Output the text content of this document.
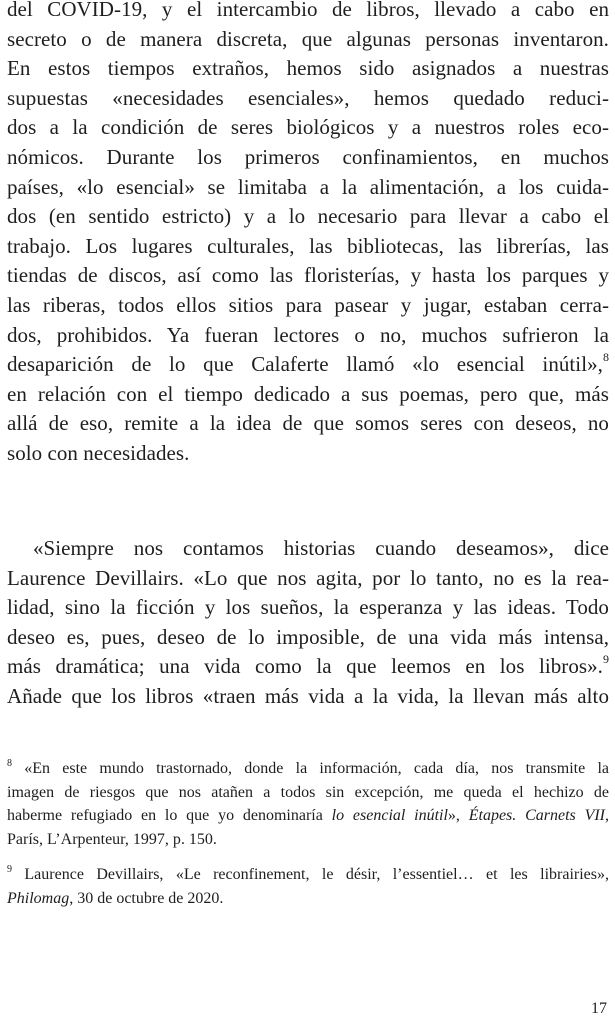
del COVID-19, y el intercambio de libros, llevado a cabo en
secreto o de manera discreta, que algunas personas inventaron.
En estos tiempos extraños, hemos sido asignados a nuestras
supuestas «necesidades esenciales», hemos quedado reduci-
dos a la condición de seres biológicos y a nuestros roles eco-
nómicos. Durante los primeros confinamientos, en muchos
países, «lo esencial» se limitaba a la alimentación, a los cuida-
dos (en sentido estricto) y a lo necesario para llevar a cabo el
trabajo. Los lugares culturales, las bibliotecas, las librerías, las
tiendas de discos, así como las floristerías, y hasta los parques y
las riberas, todos ellos sitios para pasear y jugar, estaban cerra-
dos, prohibidos. Ya fueran lectores o no, muchos sufrieron la
desaparición de lo que Calaferte llamó «lo esencial inútil»,$^8$
en relación con el tiempo dedicado a sus poemas, pero que, más
allá de eso, remite a la idea de que somos seres con deseos, no
solo con necesidades.
«Siempre nos contamos historias cuando deseamos», dice
Laurence Devillairs. «Lo que nos agita, por lo tanto, no es la rea-
lidad, sino la ficción y los sueños, la esperanza y las ideas. Todo
deseo es, pues, deseo de lo imposible, de una vida más intensa,
más dramática; una vida como la que leemos en los libros».$^9$
Añade que los libros «traen más vida a la vida, la llevan más alto
$^8$ «En este mundo trastornado, donde la información, cada día, nos transmite la
imagen de riesgos que nos atañen a todos sin excepción, me queda el hechizo de
haberme refugiado en lo que yo denominaría lo esencial inútil», Étapes. Carnets VII,
París, L’Arpenteur, 1997, p. 150.
$^9$ Laurence Devillairs, «Le reconfinement, le désir, l’essentiel… et les librairies»,
Philomag, 30 de octubre de 2020.
17
